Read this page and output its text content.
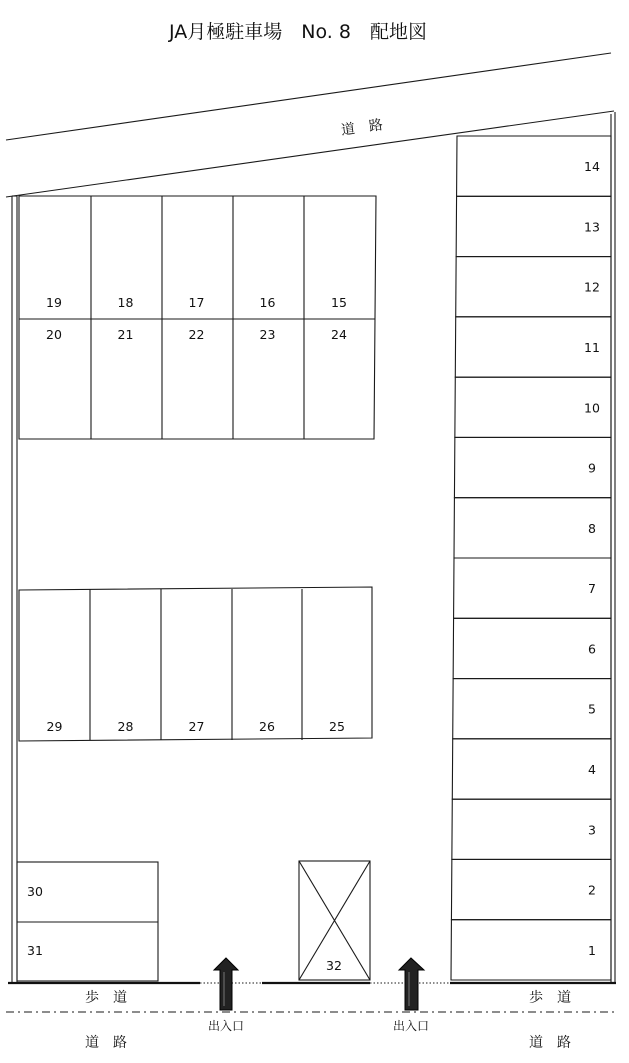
JA月極駐車場　No. 8　配地図
道　路
14
13
12
11
10
9
8
7
6
5
4
3
2
1
19	18	17	16	15
20	21	22	23	24
29	28	27	26	25
30
31
32
歩　道	歩　道
道　路	道　路
出入口	出入口
